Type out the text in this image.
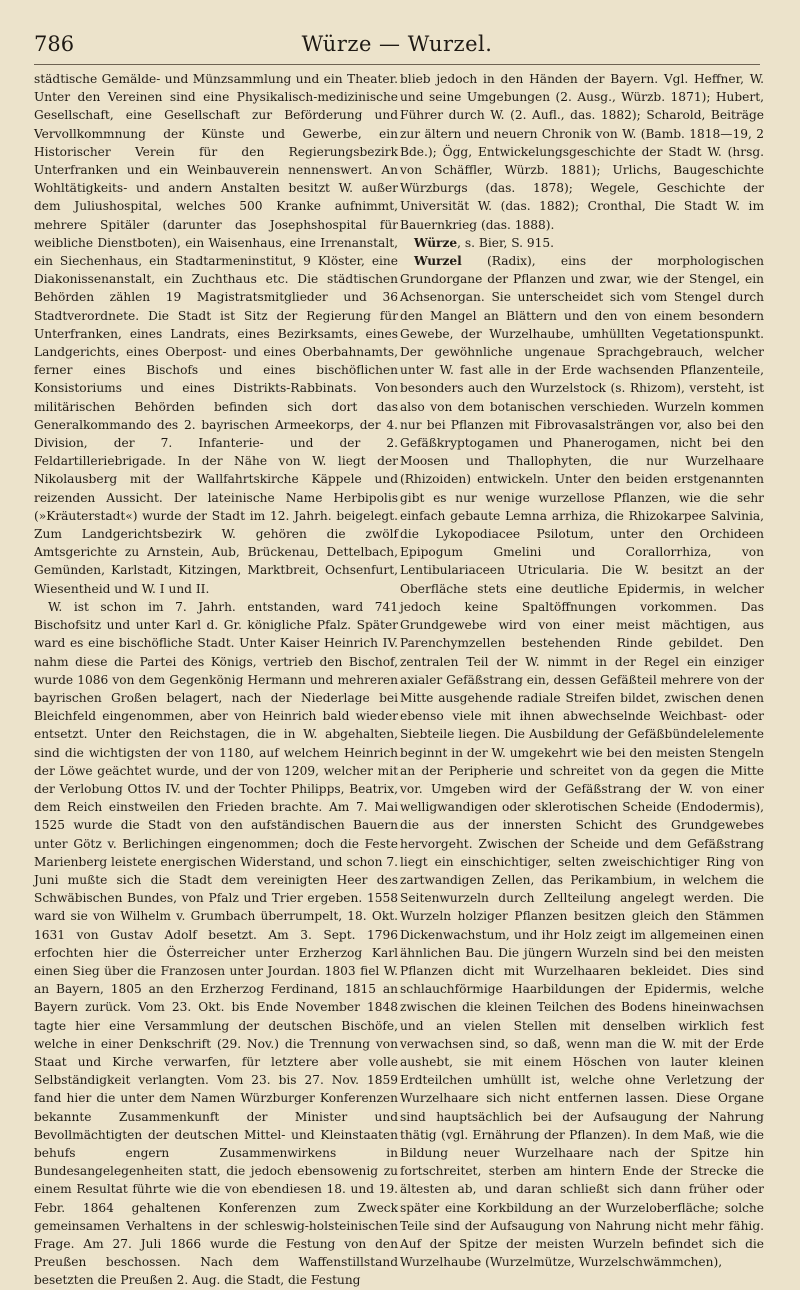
786	Würze — Wurzel.

städtische Gemälde- und Münzsammlung und ein Theater. Unter den Vereinen sind eine Physikalisch-medizinische Gesellschaft, eine Gesellschaft zur Beförderung und Vervollkommnung der Künste und Gewerbe, ein Historischer Verein für den Regierungsbezirk Unterfranken und ein Weinbauverein nennenswert. An Wohltätigkeits- und andern Anstalten besitzt W. außer dem Juliushospital, welches 500 Kranke aufnimmt, mehrere Spitäler (darunter das Josephshospital für weibliche Dienstboten), ein Waisenhaus, eine Irrenanstalt, ein Siechenhaus, ein Stadtarmeninstitut, 9 Klöster, eine Diakonissenanstalt, ein Zuchthaus etc. Die städtischen Behörden zählen 19 Magistratsmitglieder und 36 Stadtverordnete. Die Stadt ist Sitz der Regierung für Unterfranken, eines Landrats, eines Bezirksamts, eines Landgerichts, eines Oberpost- und eines Oberbahnamts, ferner eines Bischofs und eines bischöflichen Konsistoriums und eines Distrikts-Rabbinats. Von militärischen Behörden befinden sich dort das Generalkommando des 2. bayrischen Armeekorps, der 4. Division, der 7. Infanterie- und der 2. Feldartilleriebrigade. In der Nähe von W. liegt der Nikolausberg mit der Wallfahrtskirche Käppele und reizenden Aussicht. Der lateinische Name Herbipolis (»Kräuterstadt«) wurde der Stadt im 12. Jahrh. beigelegt. Zum Landgerichtsbezirk W. gehören die zwölf Amtsgerichte zu Arnstein, Aub, Brückenau, Dettelbach, Gemünden, Karlstadt, Kitzingen, Marktbreit, Ochsenfurt, Wiesentheid und W. I und II.

W. ist schon im 7. Jahrh. entstanden, ward 741 Bischofsitz und unter Karl d. Gr. königliche Pfalz. Später ward es eine bischöfliche Stadt. Unter Kaiser Heinrich IV. nahm diese die Partei des Königs, vertrieb den Bischof, wurde 1086 von dem Gegenkönig Hermann und mehreren bayrischen Großen belagert, nach der Niederlage bei Bleichfeld eingenommen, aber von Heinrich bald wieder entsetzt. Unter den Reichstagen, die in W. abgehalten, sind die wichtigsten der von 1180, auf welchem Heinrich der Löwe geächtet wurde, und der von 1209, welcher mit der Verlobung Ottos IV. und der Tochter Philipps, Beatrix, dem Reich einstweilen den Frieden brachte. Am 7. Mai 1525 wurde die Stadt von den aufständischen Bauern unter Götz v. Berlichingen eingenommen; doch die Feste Marienberg leistete energischen Widerstand, und schon 7. Juni mußte sich die Stadt dem vereinigten Heer des Schwäbischen Bundes, von Pfalz und Trier ergeben. 1558 ward sie von Wilhelm v. Grumbach überrumpelt, 18. Okt. 1631 von Gustav Adolf besetzt. Am 3. Sept. 1796 erfochten hier die Österreicher unter Erzherzog Karl einen Sieg über die Franzosen unter Jourdan. 1803 fiel W. an Bayern, 1805 an den Erzherzog Ferdinand, 1815 an Bayern zurück. Vom 23. Okt. bis Ende November 1848 tagte hier eine Versammlung der deutschen Bischöfe, welche in einer Denkschrift (29. Nov.) die Trennung von Staat und Kirche verwarfen, für letztere aber volle Selbständigkeit verlangten. Vom 23. bis 27. Nov. 1859 fand hier die unter dem Namen Würzburger Konferenzen bekannte Zusammenkunft der Minister und Bevollmächtigten der deutschen Mittel- und Kleinstaaten behufs engern Zusammenwirkens in Bundesangelegenheiten statt, die jedoch ebensowenig zu einem Resultat führte wie die von ebendiesen 18. und 19. Febr. 1864 gehaltenen Konferenzen zum Zweck gemeinsamen Verhaltens in der schleswig-holsteinischen Frage. Am 27. Juli 1866 wurde die Festung von den Preußen beschossen. Nach dem Waffenstillstand besetzten die Preußen 2. Aug. die Stadt, die Festung

blieb jedoch in den Händen der Bayern. Vgl. Heffner, W. und seine Umgebungen (2. Ausg., Würzb. 1871); Hubert, Führer durch W. (2. Aufl., das. 1882); Scharold, Beiträge zur ältern und neuern Chronik von W. (Bamb. 1818—19, 2 Bde.); Ögg, Entwickelungsgeschichte der Stadt W. (hrsg. von Schäffler, Würzb. 1881); Urlichs, Baugeschichte Würzburgs (das. 1878); Wegele, Geschichte der Universität W. (das. 1882); Cronthal, Die Stadt W. im Bauernkrieg (das. 1888).

Würze, s. Bier, S. 915.

Wurzel (Radix), eins der morphologischen Grundorgane der Pflanzen und zwar, wie der Stengel, ein Achsenorgan. Sie unterscheidet sich vom Stengel durch den Mangel an Blättern und den von einem besondern Gewebe, der Wurzelhaube, umhüllten Vegetationspunkt. Der gewöhnliche ungenaue Sprachgebrauch, welcher unter W. fast alle in der Erde wachsenden Pflanzenteile, besonders auch den Wurzelstock (s. Rhizom), versteht, ist also von dem botanischen verschieden. Wurzeln kommen nur bei Pflanzen mit Fibrovasalsträngen vor, also bei den Gefäßkryptogamen und Phanerogamen, nicht bei den Moosen und Thallophyten, die nur Wurzelhaare (Rhizoiden) entwickeln. Unter den beiden erstgenannten gibt es nur wenige wurzellose Pflanzen, wie die sehr einfach gebaute Lemna arrhiza, die Rhizokarpee Salvinia, die Lykopodiacee Psilotum, unter den Orchideen Epipogum Gmelini und Corallorrhiza, von Lentibulariaceen Utricularia. Die W. besitzt an der Oberfläche stets eine deutliche Epidermis, in welcher jedoch keine Spaltöffnungen vorkommen. Das Grundgewebe wird von einer meist mächtigen, aus Parenchymzellen bestehenden Rinde gebildet. Den zentralen Teil der W. nimmt in der Regel ein einziger axialer Gefäßstrang ein, dessen Gefäßteil mehrere von der Mitte ausgehende radiale Streifen bildet, zwischen denen ebenso viele mit ihnen abwechselnde Weichbast- oder Siebteile liegen. Die Ausbildung der Gefäßbündelelemente beginnt in der W. umgekehrt wie bei den meisten Stengeln an der Peripherie und schreitet von da gegen die Mitte vor. Umgeben wird der Gefäßstrang der W. von einer welligwandigen oder sklerotischen Scheide (Endodermis), die aus der innersten Schicht des Grundgewebes hervorgeht. Zwischen der Scheide und dem Gefäßstrang liegt ein einschichtiger, selten zweischichtiger Ring von zartwandigen Zellen, das Perikambium, in welchem die Seitenwurzeln durch Zellteilung angelegt werden. Die Wurzeln holziger Pflanzen besitzen gleich den Stämmen Dickenwachstum, und ihr Holz zeigt im allgemeinen einen ähnlichen Bau. Die jüngern Wurzeln sind bei den meisten Pflanzen dicht mit Wurzelhaaren bekleidet. Dies sind schlauchförmige Haarbildungen der Epidermis, welche zwischen die kleinen Teilchen des Bodens hineinwachsen und an vielen Stellen mit denselben wirklich fest verwachsen sind, so daß, wenn man die W. mit der Erde aushebt, sie mit einem Höschen von lauter kleinen Erdteilchen umhüllt ist, welche ohne Verletzung der Wurzelhaare sich nicht entfernen lassen. Diese Organe sind hauptsächlich bei der Aufsaugung der Nahrung thätig (vgl. Ernährung der Pflanzen). In dem Maß, wie die Bildung neuer Wurzelhaare nach der Spitze hin fortschreitet, sterben am hintern Ende der Strecke die ältesten ab, und daran schließt sich dann früher oder später eine Korkbildung an der Wurzeloberfläche; solche Teile sind der Aufsaugung von Nahrung nicht mehr fähig. Auf der Spitze der meisten Wurzeln befindet sich die Wurzelhaube (Wurzelmütze, Wurzelschwämmchen),
